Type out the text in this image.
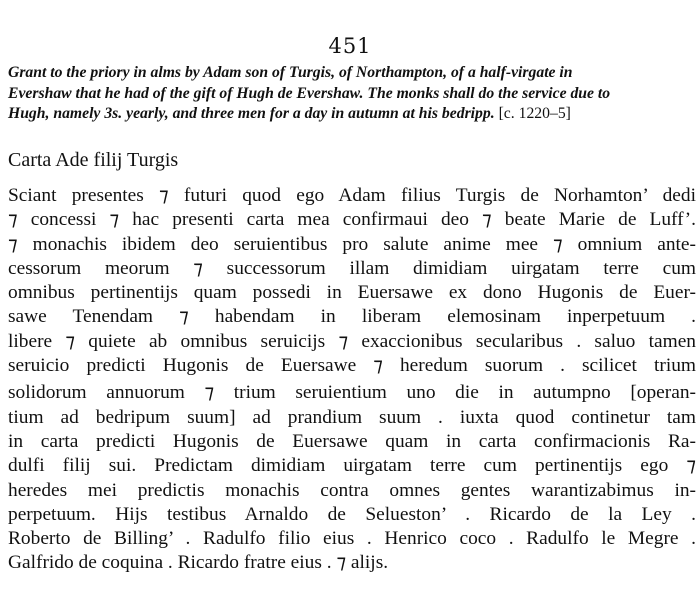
451
Grant to the priory in alms by Adam son of Turgis, of Northampton, of a half-virgate in
Evershaw that he had of the gift of Hugh de Evershaw. The monks shall do the service due to
Hugh, namely 3s. yearly, and three men for a day in autumn at his bedripp. [c. 1220–5]
Carta Ade filij Turgis
Sciant presentes ⁊ futuri quod ego Adam filius Turgis de Norhamton’ dedi
⁊ concessi ⁊ hac presenti carta mea confirmaui deo ⁊ beate Marie de Luff’.
⁊ monachis ibidem deo seruientibus pro salute anime mee ⁊ omnium ante-
cessorum meorum ⁊ successorum illam dimidiam uirgatam terre cum
omnibus pertinentijs quam possedi in Euersawe ex dono Hugonis de Euer-
sawe Tenendam ⁊ habendam in liberam elemosinam inperpetuum .
libere ⁊ quiete ab omnibus seruicijs ⁊ exaccionibus secularibus . saluo tamen
seruicio predicti Hugonis de Euersawe ⁊ heredum suorum . scilicet trium
solidorum annuorum ⁊ trium seruientium uno die in autumpno [operan-
tium ad bedripum suum] ad prandium suum . iuxta quod continetur tam
in carta predicti Hugonis de Euersawe quam in carta confirmacionis Ra-
dulfi filij sui. Predictam dimidiam uirgatam terre cum pertinentijs ego ⁊
heredes mei predictis monachis contra omnes gentes warantizabimus in-
perpetuum. Hijs testibus Arnaldo de Selueston’ . Ricardo de la Ley .
Roberto de Billing’ . Radulfo filio eius . Henrico coco . Radulfo le Megre .
Galfrido de coquina . Ricardo fratre eius . ⁊ alijs.
